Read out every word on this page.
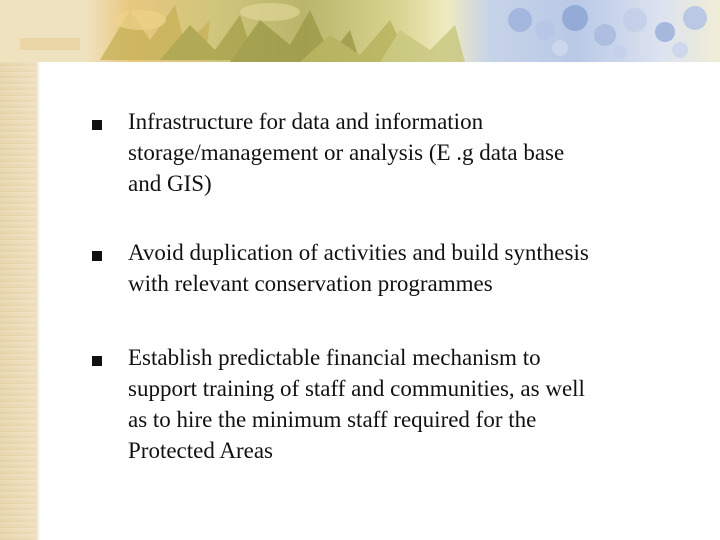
Infrastructure for data and information
storage/management or analysis (E .g data base
and GIS)
Avoid duplication of activities and build synthesis
with relevant conservation programmes
Establish predictable financial mechanism to
support training of staff and communities, as well
as to hire the minimum staff required for the
Protected Areas
